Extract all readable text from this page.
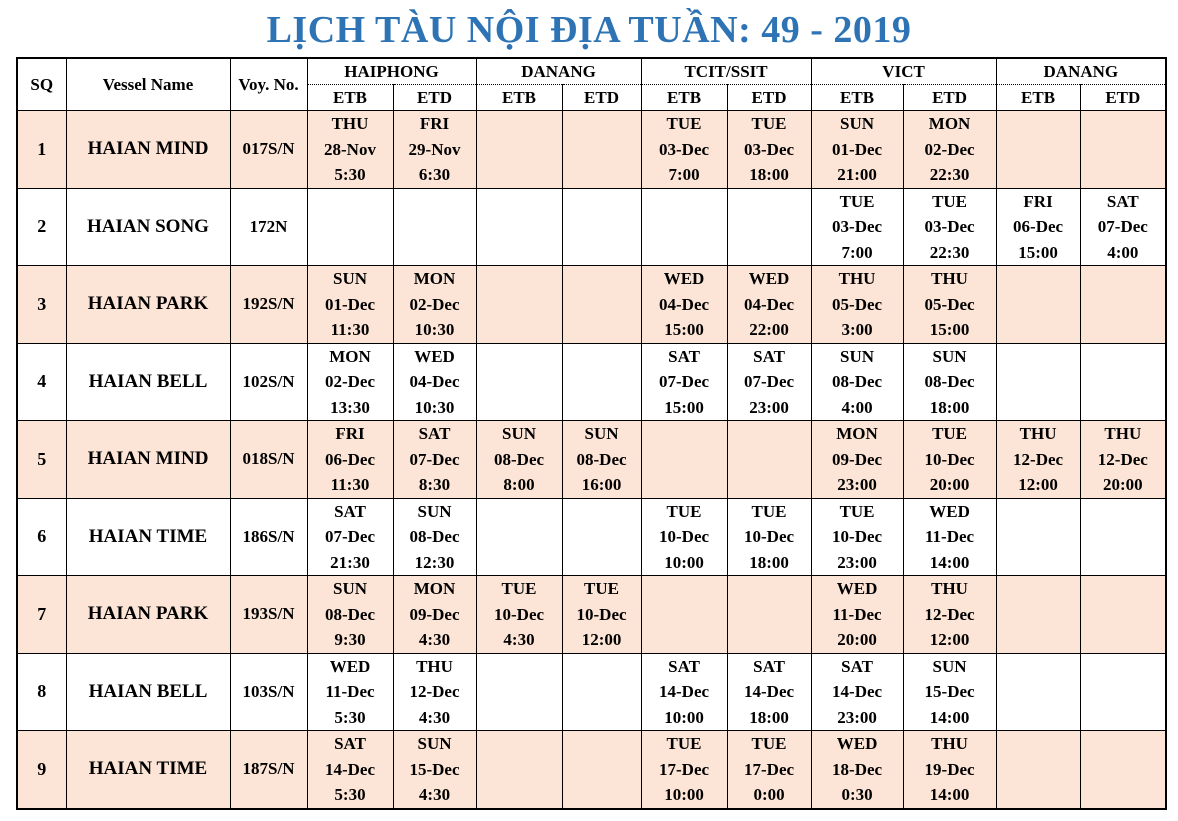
LỊCH TÀU NỘI ĐỊA TUẦN: 49 - 2019
SQ	Vessel Name	Voy. No.	HAIPHONG		DANANG		TCIT/SSIT		VICT		DANANG	
			ETB	ETD	ETB	ETD	ETB	ETD	ETB	ETD	ETB	ETD
1	HAIAN MIND	017S/N	THU
28-Nov
5:30	FRI
29-Nov
6:30			TUE
03-Dec
7:00	TUE
03-Dec
18:00	SUN
01-Dec
21:00	MON
02-Dec
22:30		

2	HAIAN SONG	172N							TUE
03-Dec
7:00	TUE
03-Dec
22:30	FRI
06-Dec
15:00	SAT
07-Dec
4:00

3	HAIAN PARK	192S/N	SUN
01-Dec
11:30	MON
02-Dec
10:30			WED
04-Dec
15:00	WED
04-Dec
22:00	THU
05-Dec
3:00	THU
05-Dec
15:00		

4	HAIAN BELL	102S/N	MON
02-Dec
13:30	WED
04-Dec
10:30			SAT
07-Dec
15:00	SAT
07-Dec
23:00	SUN
08-Dec
4:00	SUN
08-Dec
18:00		

5	HAIAN MIND	018S/N	FRI
06-Dec
11:30	SAT
07-Dec
8:30	SUN
08-Dec
8:00	SUN
08-Dec
16:00			MON
09-Dec
23:00	TUE
10-Dec
20:00	THU
12-Dec
12:00	THU
12-Dec
20:00

6	HAIAN TIME	186S/N	SAT
07-Dec
21:30	SUN
08-Dec
12:30			TUE
10-Dec
10:00	TUE
10-Dec
18:00	TUE
10-Dec
23:00	WED
11-Dec
14:00		

7	HAIAN PARK	193S/N	SUN
08-Dec
9:30	MON
09-Dec
4:30	TUE
10-Dec
4:30	TUE
10-Dec
12:00			WED
11-Dec
20:00	THU
12-Dec
12:00		

8	HAIAN BELL	103S/N	WED
11-Dec
5:30	THU
12-Dec
4:30			SAT
14-Dec
10:00	SAT
14-Dec
18:00	SAT
14-Dec
23:00	SUN
15-Dec
14:00		

9	HAIAN TIME	187S/N	SAT
14-Dec
5:30	SUN
15-Dec
4:30			TUE
17-Dec
10:00	TUE
17-Dec
0:00	WED
18-Dec
0:30	THU
19-Dec
14:00		
